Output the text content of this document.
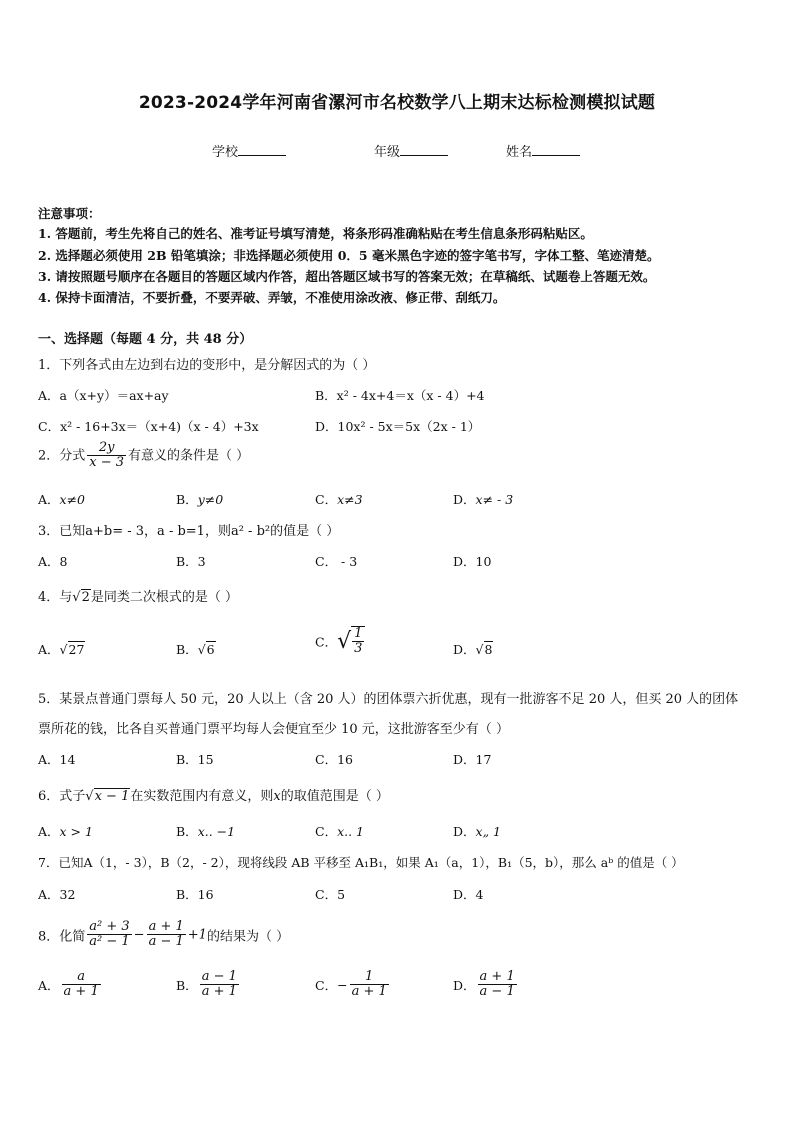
2023-2024学年河南省漯河市名校数学八上期末达标检测模拟试题
学校	年级	姓名
注意事项：
1. 答题前，考生先将自己的姓名、准考证号填写清楚，将条形码准确粘贴在考生信息条形码粘贴区。
2. 选择题必须使用 2B 铅笔填涂；非选择题必须使用 0．5 毫米黑色字迹的签字笔书写，字体工整、笔迹清楚。
3. 请按照题号顺序在各题目的答题区域内作答，超出答题区域书写的答案无效；在草稿纸、试题卷上答题无效。
4. 保持卡面清洁，不要折叠，不要弄破、弄皱，不准使用涂改液、修正带、刮纸刀。
一、选择题（每题 4 分，共 48 分）
1．下列各式由左边到右边的变形中，是分解因式的为（ ）
A．a（x+y）＝ax+ay	B．x² - 4x+4＝x（x - 4）+4
C．x² - 16+3x＝（x+4)（x - 4）+3x	D．10x² - 5x＝5x（2x - 1）
2．分式 $\frac{2y}{x - 3}$ 有意义的条件是（ ）
A．x≠0	B．y≠0	C．x≠3	D．x≠ - 3
3．已知a+b= - 3，a - b=1，则a² - b²的值是（ ）
A．8	B．3	C． - 3	D．10
4．与√2是同类二次根式的是（ ）
A．√27	B．√6
C．√ $\frac{1}{3}$	D．√8
5．某景点普通门票每人 50 元，20 人以上（含 20 人）的团体票六折优惠，现有一批游客不足 20 人，但买 20 人的团体
票所花的钱，比各自买普通门票平均每人会便宜至少 10 元，这批游客至少有（ ）
A．14	B．15	C．16	D．17
6．式子√x − 1在实数范围内有意义，则x的取值范围是（ ）
A．x > 1	B．x.. −1	C．x.. 1	D．x„ 1
7．已知A（1，- 3），B（2，- 2），现将线段 AB 平移至 A₁B₁，如果 A₁（a，1），B₁（5，b），那么 aᵇ 的值是（ ）
A．32	B．16	C．5	D．4
8．化简 $\frac{\text{a² + 3}}{\text{a² − 1}} - \frac{a + 1}{a - 1} +1$的结果为（ ）
A． $\frac{a}{a + 1}$	B． $\frac{a - 1}{a + 1}$	C．− $\frac{1}{a + 1}$	D． $\frac{a + 1}{a - 1}$
